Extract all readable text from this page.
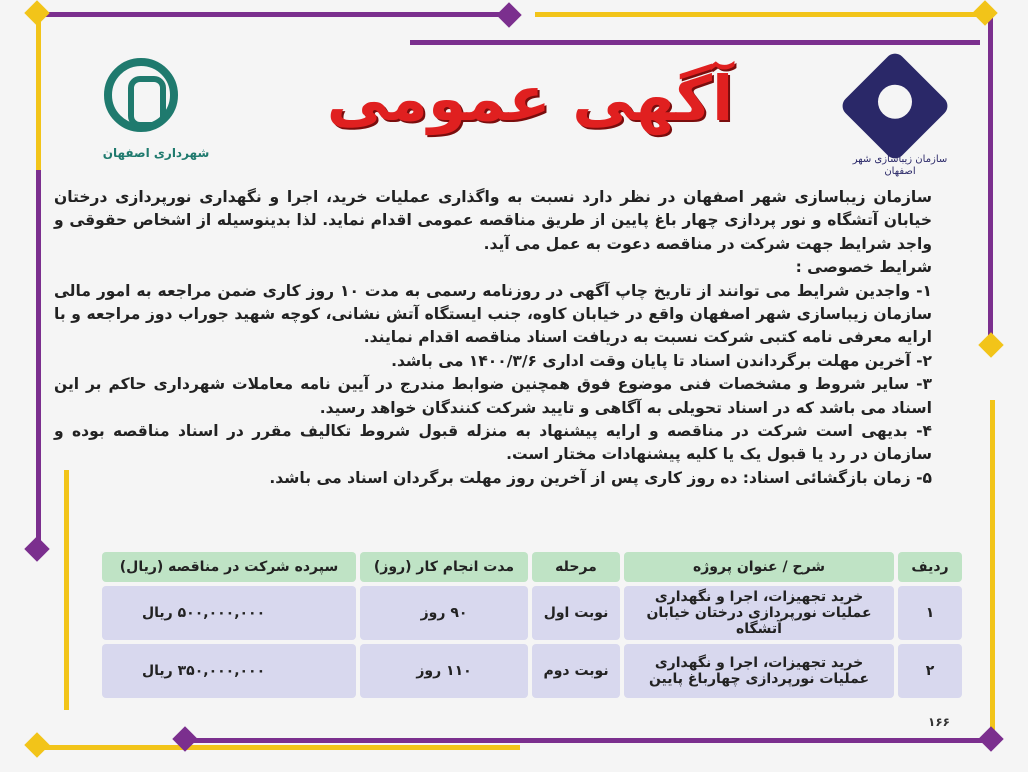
شهرداری اصفهان	سازمان زیباسازی شهر اصفهان
آگهی عمومی

سازمان زیباسازی شهر اصفهان در نظر دارد نسبت به واگذاری عملیات خرید، اجرا و نگهداری نورپردازی درختان خیابان آتشگاه و نور پردازی چهار باغ پایین از طریق مناقصه عمومی اقدام نماید. لذا بدینوسیله از اشخاص حقوقی و واجد شرایط جهت شرکت در مناقصه دعوت به عمل می آید.

شرایط خصوصی :

۱- واجدین شرایط می توانند از تاریخ چاپ آگهی در روزنامه رسمی به مدت ۱۰ روز کاری ضمن مراجعه به امور مالی سازمان زیباسازی شهر اصفهان واقع در خیابان کاوه، جنب ایستگاه آتش نشانی، کوچه شهید جوراب دوز مراجعه و با ارایه معرفی نامه کتبی شرکت نسبت به دریافت اسناد مناقصه اقدام نمایند.

۲- آخرین مهلت برگرداندن اسناد تا پایان وقت اداری ۱۴۰۰/۳/۶ می باشد.

۳- سایر شروط و مشخصات فنی موضوع فوق همچنین ضوابط مندرج در آیین نامه معاملات شهرداری حاکم بر این اسناد می باشد که در اسناد تحویلی به آگاهی و تایید شرکت کنندگان خواهد رسید.

۴- بدیهی است شرکت در مناقصه و ارایه پیشنهاد به منزله قبول شروط تکالیف مقرر در اسناد مناقصه بوده و سازمان در رد یا قبول یک یا کلیه پیشنهادات مختار است.

۵- زمان بازگشائی اسناد: ده روز کاری پس از آخرین روز مهلت برگردان اسناد می باشد.

ردیف
شرح / عنوان پروژه
مرحله
مدت انجام کار (روز)
سپرده شرکت در مناقصه (ریال)
۱
خرید تجهیزات، اجرا و نگهداری عملیات نورپردازی درختان خیابان آتشگاه
نوبت اول
۹۰ روز
۵۰۰,۰۰۰,۰۰۰ ریال
۲
خرید تجهیزات، اجرا و نگهداری عملیات نورپردازی چهارباغ پایین
نوبت دوم
۱۱۰ روز
۳۵۰,۰۰۰,۰۰۰ ریال
۱۶۶
